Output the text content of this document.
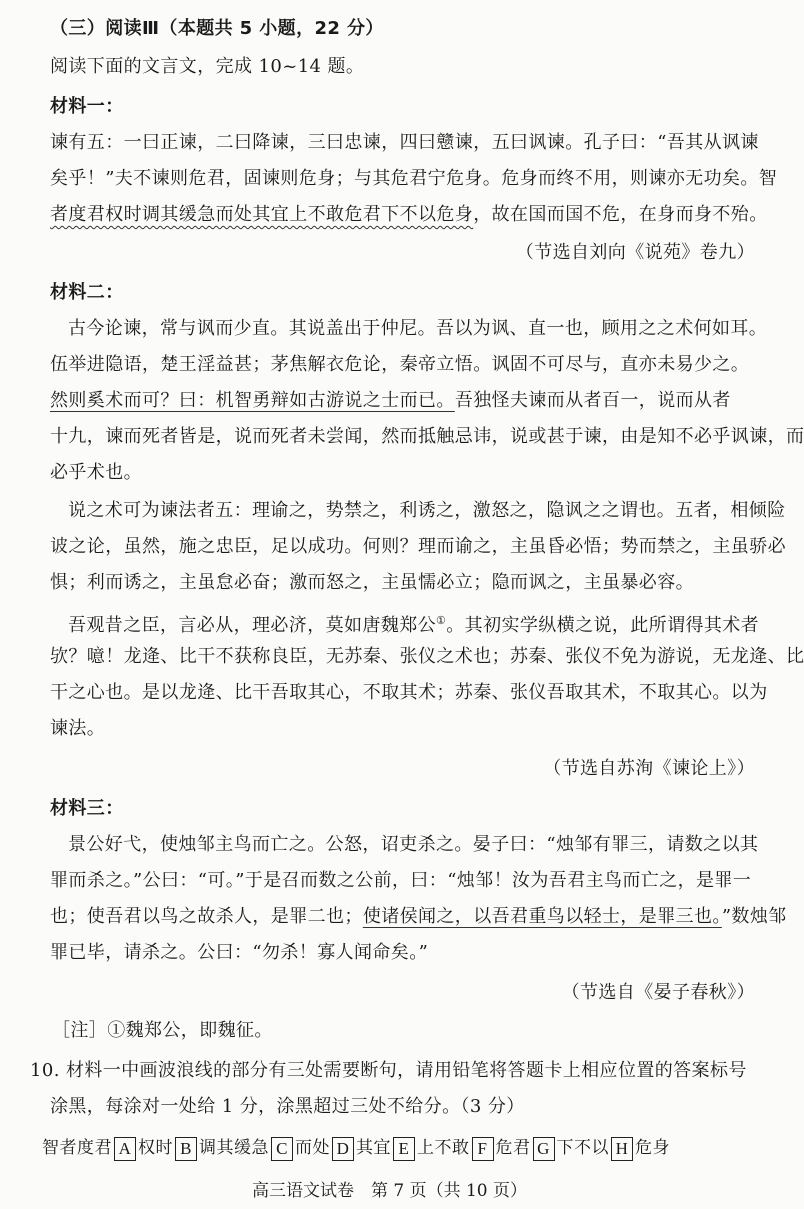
（三）阅读Ⅲ（本题共 5 小题，22 分）
阅读下面的文言文，完成 10~14 题。
材料一：
谏有五：一曰正谏，二曰降谏，三曰忠谏，四曰戆谏，五曰讽谏。孔子曰：“吾其从讽谏
矣乎！”夫不谏则危君，固谏则危身；与其危君宁危身。危身而终不用，则谏亦无功矣。智
者度君权时调其缓急而处其宜上不敢危君下不以危身，故在国而国不危，在身而身不殆。
（节选自刘向《说苑》卷九）
材料二：
古今论谏，常与讽而少直。其说盖出于仲尼。吾以为讽、直一也，顾用之之术何如耳。
伍举进隐语，楚王淫益甚；茅焦解衣危论，秦帝立悟。讽固不可尽与，直亦未易少之。
然则奚术而可？曰：机智勇辩如古游说之士而已。吾独怪夫谏而从者百一，说而从者
十九，谏而死者皆是，说而死者未尝闻，然而抵触忌讳，说或甚于谏，由是知不必乎讽谏，而
必乎术也。
说之术可为谏法者五：理谕之，势禁之，利诱之，激怒之，隐讽之之谓也。五者，相倾险
诐之论，虽然，施之忠臣，足以成功。何则？理而谕之，主虽昏必悟；势而禁之，主虽骄必
惧；利而诱之，主虽怠必奋；激而怒之，主虽懦必立；隐而讽之，主虽暴必容。
吾观昔之臣，言必从，理必济，莫如唐魏郑公①。其初实学纵横之说，此所谓得其术者
欤？噫！龙逄、比干不获称良臣，无苏秦、张仪之术也；苏秦、张仪不免为游说，无龙逄、比
干之心也。是以龙逄、比干吾取其心，不取其术；苏秦、张仪吾取其术，不取其心。以为
谏法。
（节选自苏洵《谏论上》）
材料三：
景公好弋，使烛邹主鸟而亡之。公怒，诏吏杀之。晏子曰：“烛邹有罪三，请数之以其
罪而杀之。”公曰：“可。”于是召而数之公前，曰：“烛邹！汝为吾君主鸟而亡之，是罪一
也；使吾君以鸟之故杀人，是罪二也；使诸侯闻之，以吾君重鸟以轻士，是罪三也。”数烛邹
罪已毕，请杀之。公曰：“勿杀！寡人闻命矣。”
（节选自《晏子春秋》）
［注］①魏郑公，即魏征。
10. 材料一中画波浪线的部分有三处需要断句，请用铅笔将答题卡上相应位置的答案标号
涂黑，每涂对一处给 1 分，涂黑超过三处不给分。（3 分）
智者度君 A 权时 B 调其缓急 C 而处 D 其宜 E 上不敢 F 危君 G 下不以 H 危身
高三语文试卷　第 7 页（共 10 页）
